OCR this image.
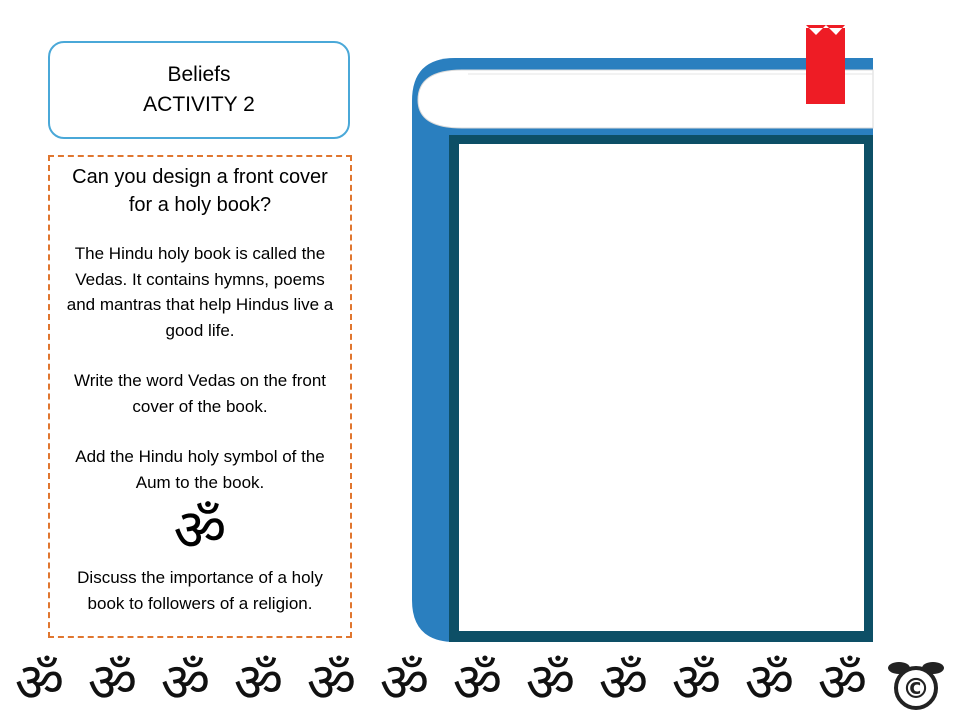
Beliefs
ACTIVITY 2

Can you design a front cover for a holy book?

The Hindu holy book is called the Vedas. It contains hymns, poems and mantras that help Hindus live a good life.

Write the word Vedas on the front cover of the book.

Add the Hindu holy symbol of the Aum to the book.

ॐ

Discuss the importance of a holy book to followers of a religion.

ॐ ॐ ॐ ॐ ॐ ॐ ॐ ॐ ॐ ॐ ॐ ॐ	©
